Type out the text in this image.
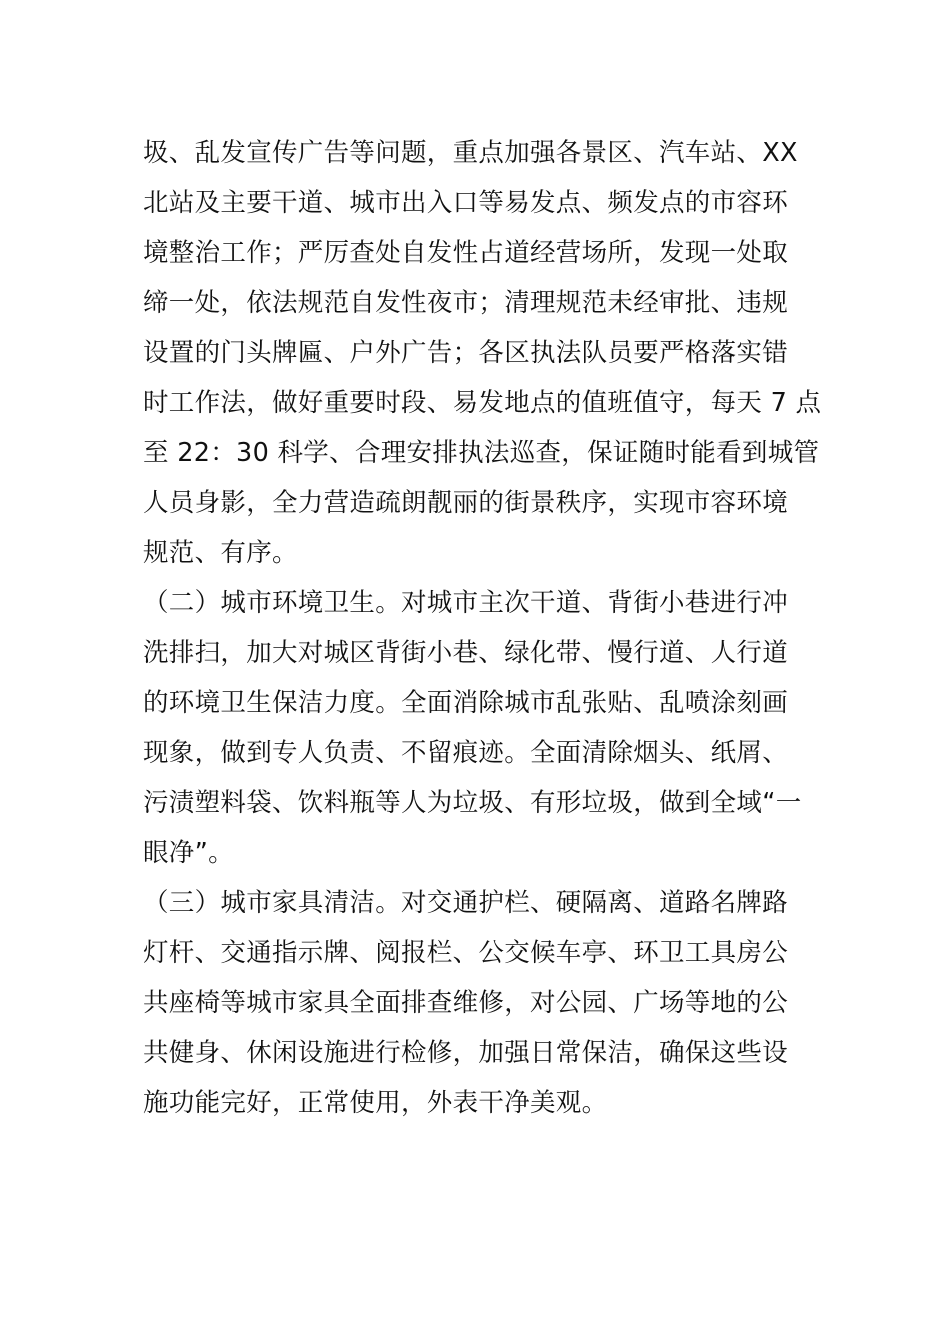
圾、乱发宣传广告等问题，重点加强各景区、汽车站、XX
北站及主要干道、城市出入口等易发点、频发点的市容环
境整治工作；严厉查处自发性占道经营场所，发现一处取
缔一处，依法规范自发性夜市；清理规范未经审批、违规
设置的门头牌匾、户外广告；各区执法队员要严格落实错
时工作法，做好重要时段、易发地点的值班值守，每天 7 点
至 22：30 科学、合理安排执法巡查，保证随时能看到城管
人员身影，全力营造疏朗靓丽的街景秩序，实现市容环境
规范、有序。
（二）城市环境卫生。对城市主次干道、背街小巷进行冲
洗排扫，加大对城区背街小巷、绿化带、慢行道、人行道
的环境卫生保洁力度。全面消除城市乱张贴、乱喷涂刻画
现象，做到专人负责、不留痕迹。全面清除烟头、纸屑、
污渍塑料袋、饮料瓶等人为垃圾、有形垃圾，做到全域“一
眼净”。
（三）城市家具清洁。对交通护栏、硬隔离、道路名牌路
灯杆、交通指示牌、阅报栏、公交候车亭、环卫工具房公
共座椅等城市家具全面排查维修，对公园、广场等地的公
共健身、休闲设施进行检修，加强日常保洁，确保这些设
施功能完好，正常使用，外表干净美观。
